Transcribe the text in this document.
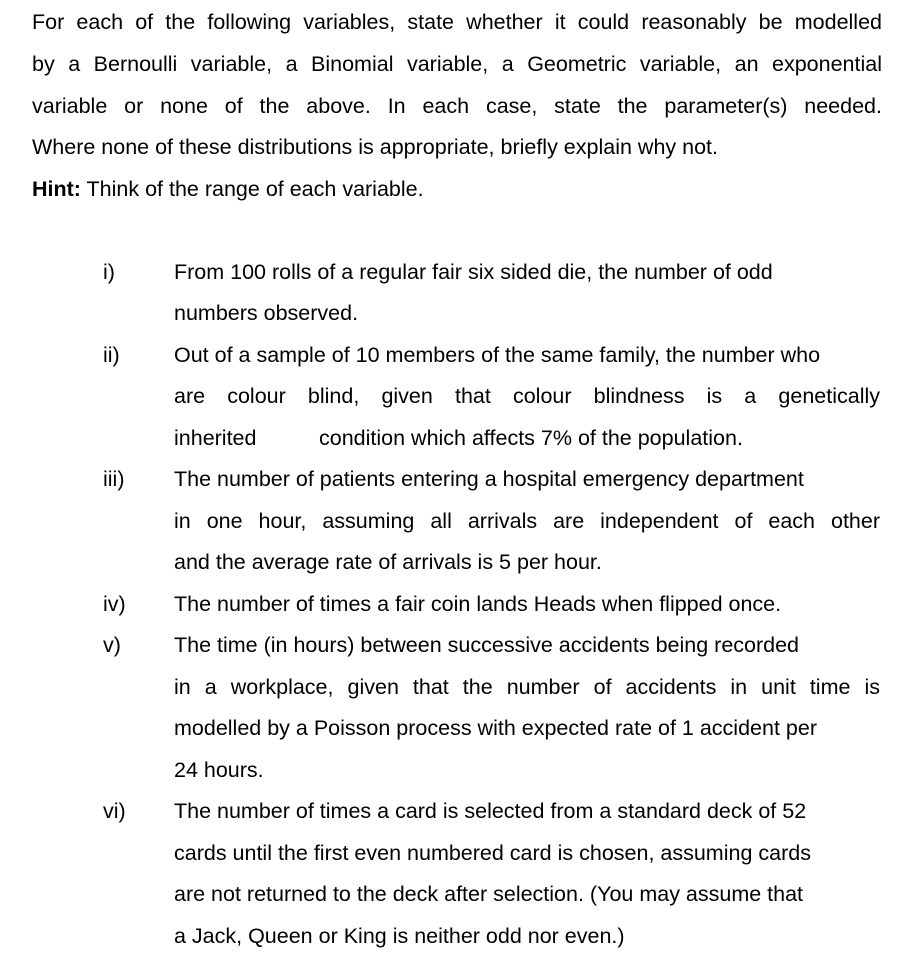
For each of the following variables, state whether it could reasonably be modelled
by a Bernoulli variable, a Binomial variable, a Geometric variable, an exponential
variable or none of the above. In each case, state the parameter(s) needed.
Where none of these distributions is appropriate, briefly explain why not.
Hint: Think of the range of each variable.
i)	From 100 rolls of a regular fair six sided die, the number of odd
numbers observed.
ii)	Out of a sample of 10 members of the same family, the number who
are colour blind, given that colour blindness is a genetically
inherited	condition which affects 7% of the population.
iii) The number of patients entering a hospital emergency department
in one hour, assuming all arrivals are independent of each other
and the average rate of arrivals is 5 per hour.
iv) The number of times a fair coin lands Heads when flipped once.
v) The time (in hours) between successive accidents being recorded
in a workplace, given that the number of accidents in unit time is
modelled by a Poisson process with expected rate of 1 accident per
24 hours.
vi) The number of times a card is selected from a standard deck of 52
cards until the first even numbered card is chosen, assuming cards
are not returned to the deck after selection. (You may assume that
a Jack, Queen or King is neither odd nor even.)
